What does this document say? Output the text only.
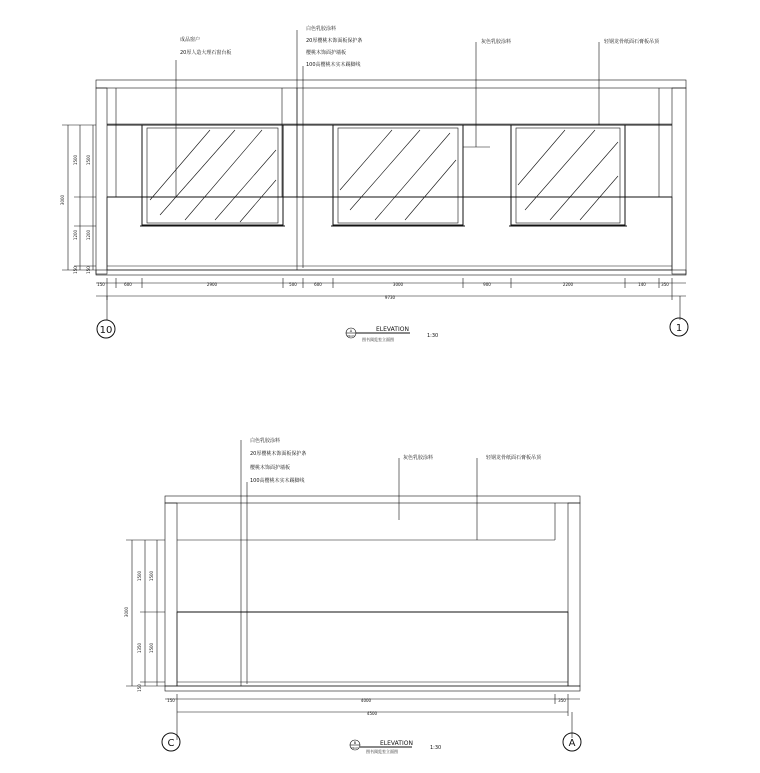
成品窗户
20厚人造大理石窗台板
白色乳胶涂料
20厚樱桃木饰面板保护条
樱桃木饰面护墙板
100高樱桃木实木踢脚线
灰色乳胶涂料	轻钢龙骨纸面石膏板吊顶
3000
1500
1200
150
1500
1200
150
150	600	2900	500	600	3000	900	2200	140	350
9730
10	1
A
PR-03
ELEVATION
图书阅览室立面图
1:30
白色乳胶涂料
20厚樱桃木饰面板保护条
樱桃木饰面护墙板
100高樱桃木实木踢脚线
灰色乳胶涂料	轻钢龙骨纸面石膏板吊顶
3000
1500
1350
150
1500
1500
150	4000	350
4500
C	A
B
PR-03
ELEVATION
图书阅览室立面图
1:30
